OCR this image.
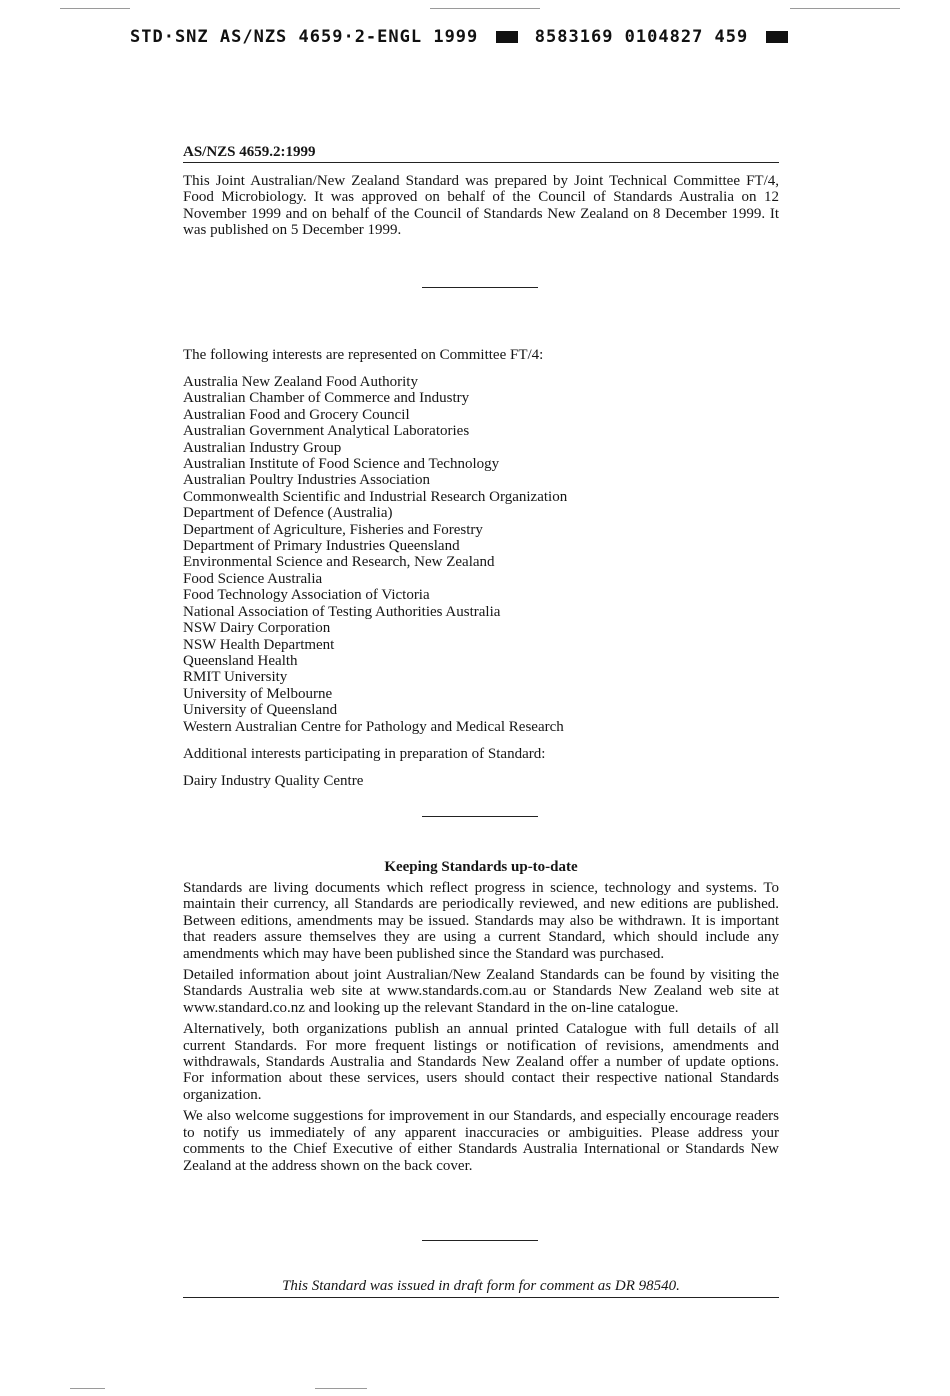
STD·SNZ AS/NZS 4659·2-ENGL 1999	8583169 0104827 459
AS/NZS 4659.2:1999

This Joint Australian/New Zealand Standard was prepared by Joint Technical Committee FT/4, Food Microbiology. It was approved on behalf of the Council of Standards Australia on 12 November 1999 and on behalf of the Council of Standards New Zealand on 8 December 1999. It was published on 5 December 1999.

The following interests are represented on Committee FT/4:

Australia New Zealand Food Authority
Australian Chamber of Commerce and Industry
Australian Food and Grocery Council
Australian Government Analytical Laboratories
Australian Industry Group
Australian Institute of Food Science and Technology
Australian Poultry Industries Association
Commonwealth Scientific and Industrial Research Organization
Department of Defence (Australia)
Department of Agriculture, Fisheries and Forestry
Department of Primary Industries Queensland
Environmental Science and Research, New Zealand
Food Science Australia
Food Technology Association of Victoria
National Association of Testing Authorities Australia
NSW Dairy Corporation
NSW Health Department
Queensland Health
RMIT University
University of Melbourne
University of Queensland
Western Australian Centre for Pathology and Medical Research

Additional interests participating in preparation of Standard:

Dairy Industry Quality Centre

Keeping Standards up-to-date

Standards are living documents which reflect progress in science, technology and systems. To maintain their currency, all Standards are periodically reviewed, and new editions are published. Between editions, amendments may be issued. Standards may also be withdrawn. It is important that readers assure themselves they are using a current Standard, which should include any amendments which may have been published since the Standard was purchased.

Detailed information about joint Australian/New Zealand Standards can be found by visiting the Standards Australia web site at www.standards.com.au or Standards New Zealand web site at www.standard.co.nz and looking up the relevant Standard in the on-line catalogue.

Alternatively, both organizations publish an annual printed Catalogue with full details of all current Standards. For more frequent listings or notification of revisions, amendments and withdrawals, Standards Australia and Standards New Zealand offer a number of update options. For information about these services, users should contact their respective national Standards organization.

We also welcome suggestions for improvement in our Standards, and especially encourage readers to notify us immediately of any apparent inaccuracies or ambiguities. Please address your comments to the Chief Executive of either Standards Australia International or Standards New Zealand at the address shown on the back cover.

This Standard was issued in draft form for comment as DR 98540.
